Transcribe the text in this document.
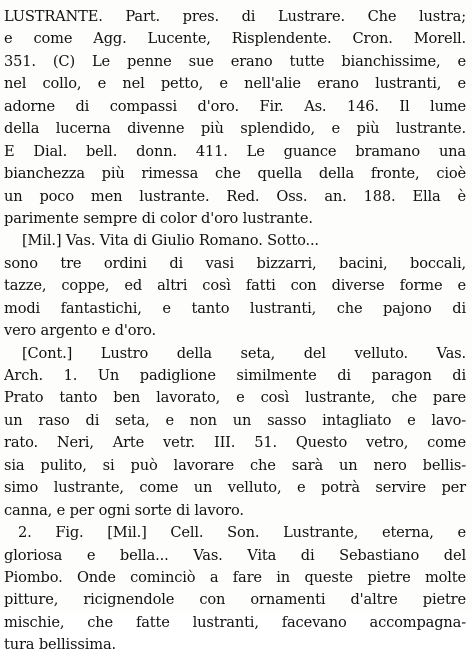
LUSTRANTE. Part. pres. di Lustrare. Che lustra;
e come Agg. Lucente, Risplendente. Cron. Morell.
351. (C) Le penne sue erano tutte bianchissime, e
nel collo, e nel petto, e nell'alie erano lustranti, e
adorne di compassi d'oro. Fir. As. 146. Il lume
della lucerna divenne più splendido, e più lustrante.
E Dial. bell. donn. 411. Le guance bramano una
bianchezza più rimessa che quella della fronte, cioè
un poco men lustrante. Red. Oss. an. 188. Ella è
parimente sempre di color d'oro lustrante.
[Mil.] Vas. Vita di Giulio Romano. Sotto...
sono tre ordini di vasi bizzarri, bacini, boccali,
tazze, coppe, ed altri così fatti con diverse forme e
modi fantastichi, e tanto lustranti, che pajono di
vero argento e d'oro.
[Cont.] Lustro della seta, del velluto. Vas.
Arch. 1. Un padiglione similmente di paragon di
Prato tanto ben lavorato, e così lustrante, che pare
un raso di seta, e non un sasso intagliato e lavo-
rato. Neri, Arte vetr. III. 51. Questo vetro, come
sia pulito, si può lavorare che sarà un nero bellis-
simo lustrante, come un velluto, e potrà servire per
canna, e per ogni sorte di lavoro.
2. Fig. [Mil.] Cell. Son. Lustrante, eterna, e
gloriosa e bella... Vas. Vita di Sebastiano del
Piombo. Onde cominciò a fare in queste pietre molte
pitture, ricignendole con ornamenti d'altre pietre
mischie, che fatte lustranti, facevano accompagna-
tura bellissima.
